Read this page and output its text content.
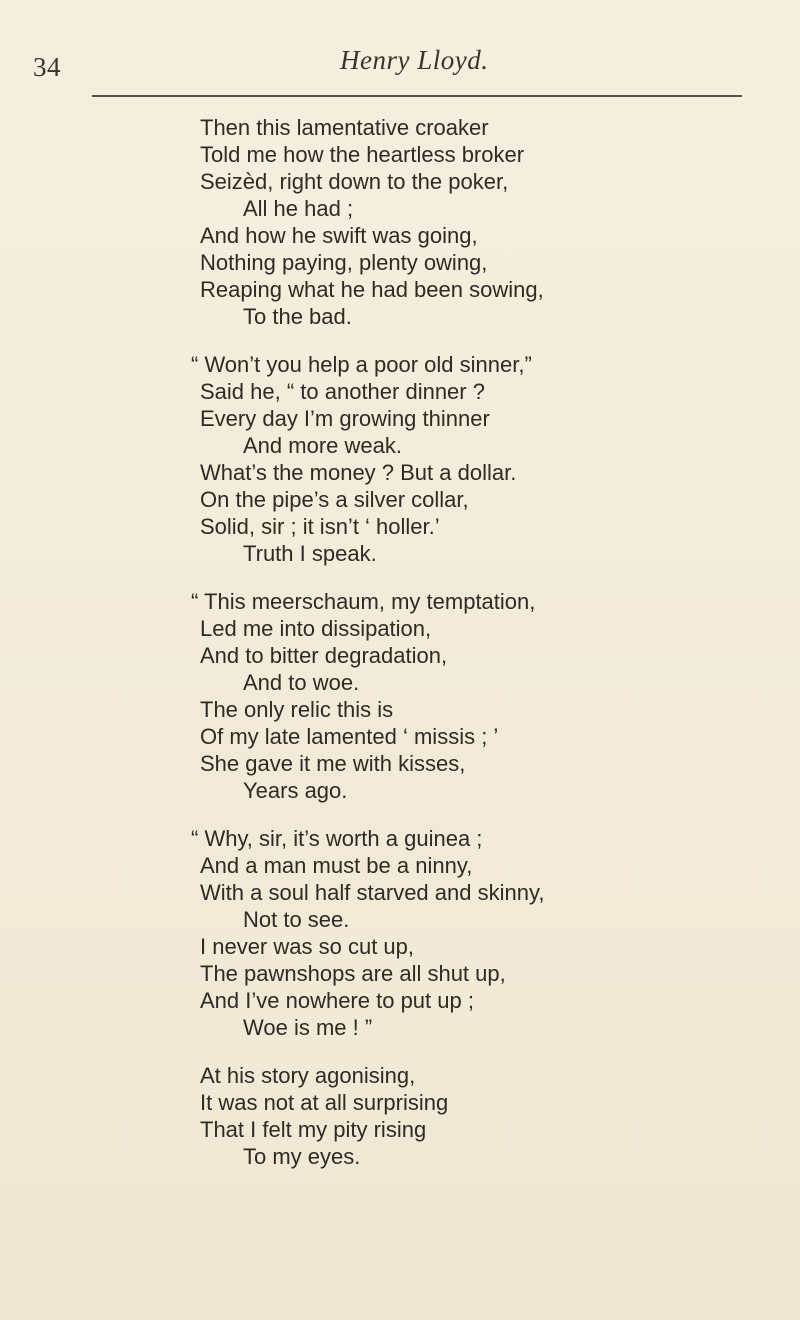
34	Henry Lloyd.
Then this lamentative croaker
Told me how the heartless broker
Seizèd, right down to the poker,
All he had ;
And how he swift was going,
Nothing paying, plenty owing,
Reaping what he had been sowing,
To the bad.
“ Won’t you help a poor old sinner,”
Said he, “ to another dinner ?
Every day I’m growing thinner
And more weak.
What’s the money ? But a dollar.
On the pipe’s a silver collar,
Solid, sir ; it isn’t ‘ holler.’
Truth I speak.
“ This meerschaum, my temptation,
Led me into dissipation,
And to bitter degradation,
And to woe.
The only relic this is
Of my late lamented ‘ missis ; ’
She gave it me with kisses,
Years ago.
“ Why, sir, it’s worth a guinea ;
And a man must be a ninny,
With a soul half starved and skinny,
Not to see.
I never was so cut up,
The pawnshops are all shut up,
And I’ve nowhere to put up ;
Woe is me ! ”
At his story agonising,
It was not at all surprising
That I felt my pity rising
To my eyes.
